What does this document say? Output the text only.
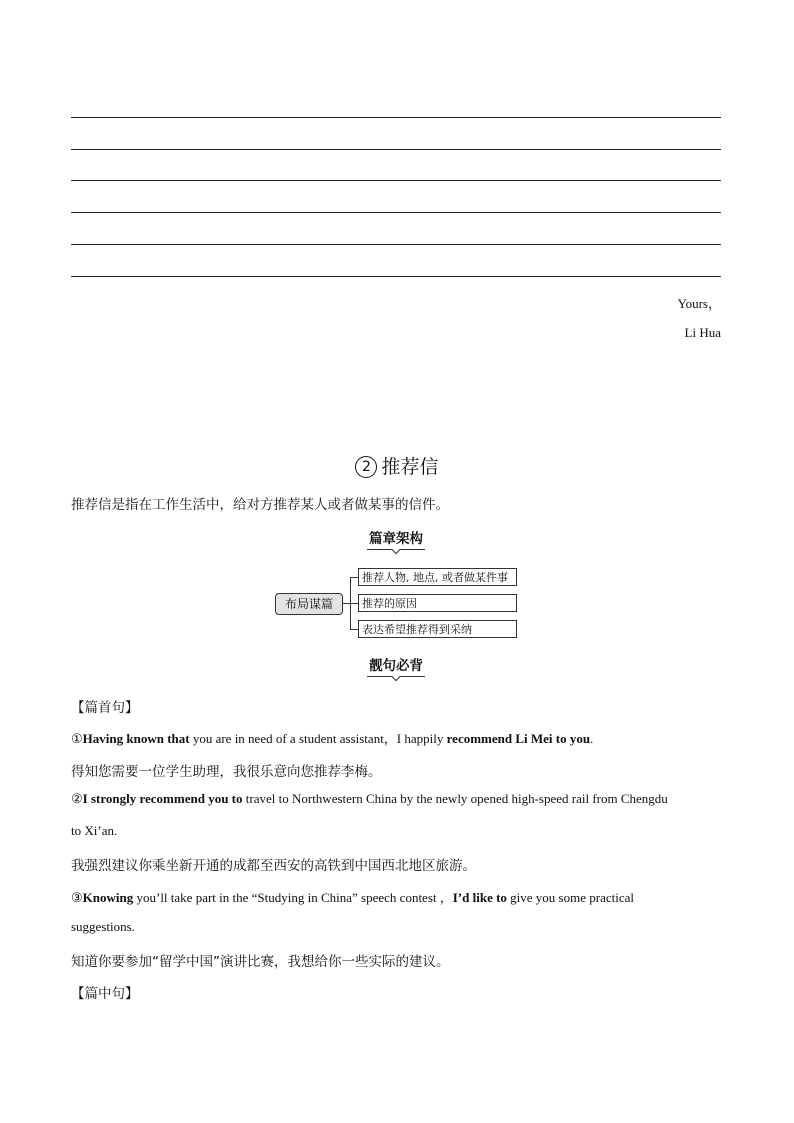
Yours，
Li Hua
2 推荐信
推荐信是指在工作生活中，给对方推荐某人或者做某事的信件。
篇章架构
布局谋篇
推荐人物, 地点, 或者做某件事
推荐的原因
表达希望推荐得到采纳
靓句必背
【篇首句】
①Having known that you are in need of a student assistant，I happily recommend Li Mei to you.
得知您需要一位学生助理，我很乐意向您推荐李梅。
②I strongly recommend you to travel to Northwestern China by the newly opened high-speed rail from Chengdu
to Xi’an.
我强烈建议你乘坐新开通的成都至西安的高铁到中国西北地区旅游。
③Knowing you’ll take part in the “Studying in China” speech contest ，I’d like to give you some practical
suggestions.
知道你要参加“留学中国”演讲比赛，我想给你一些实际的建议。
【篇中句】
